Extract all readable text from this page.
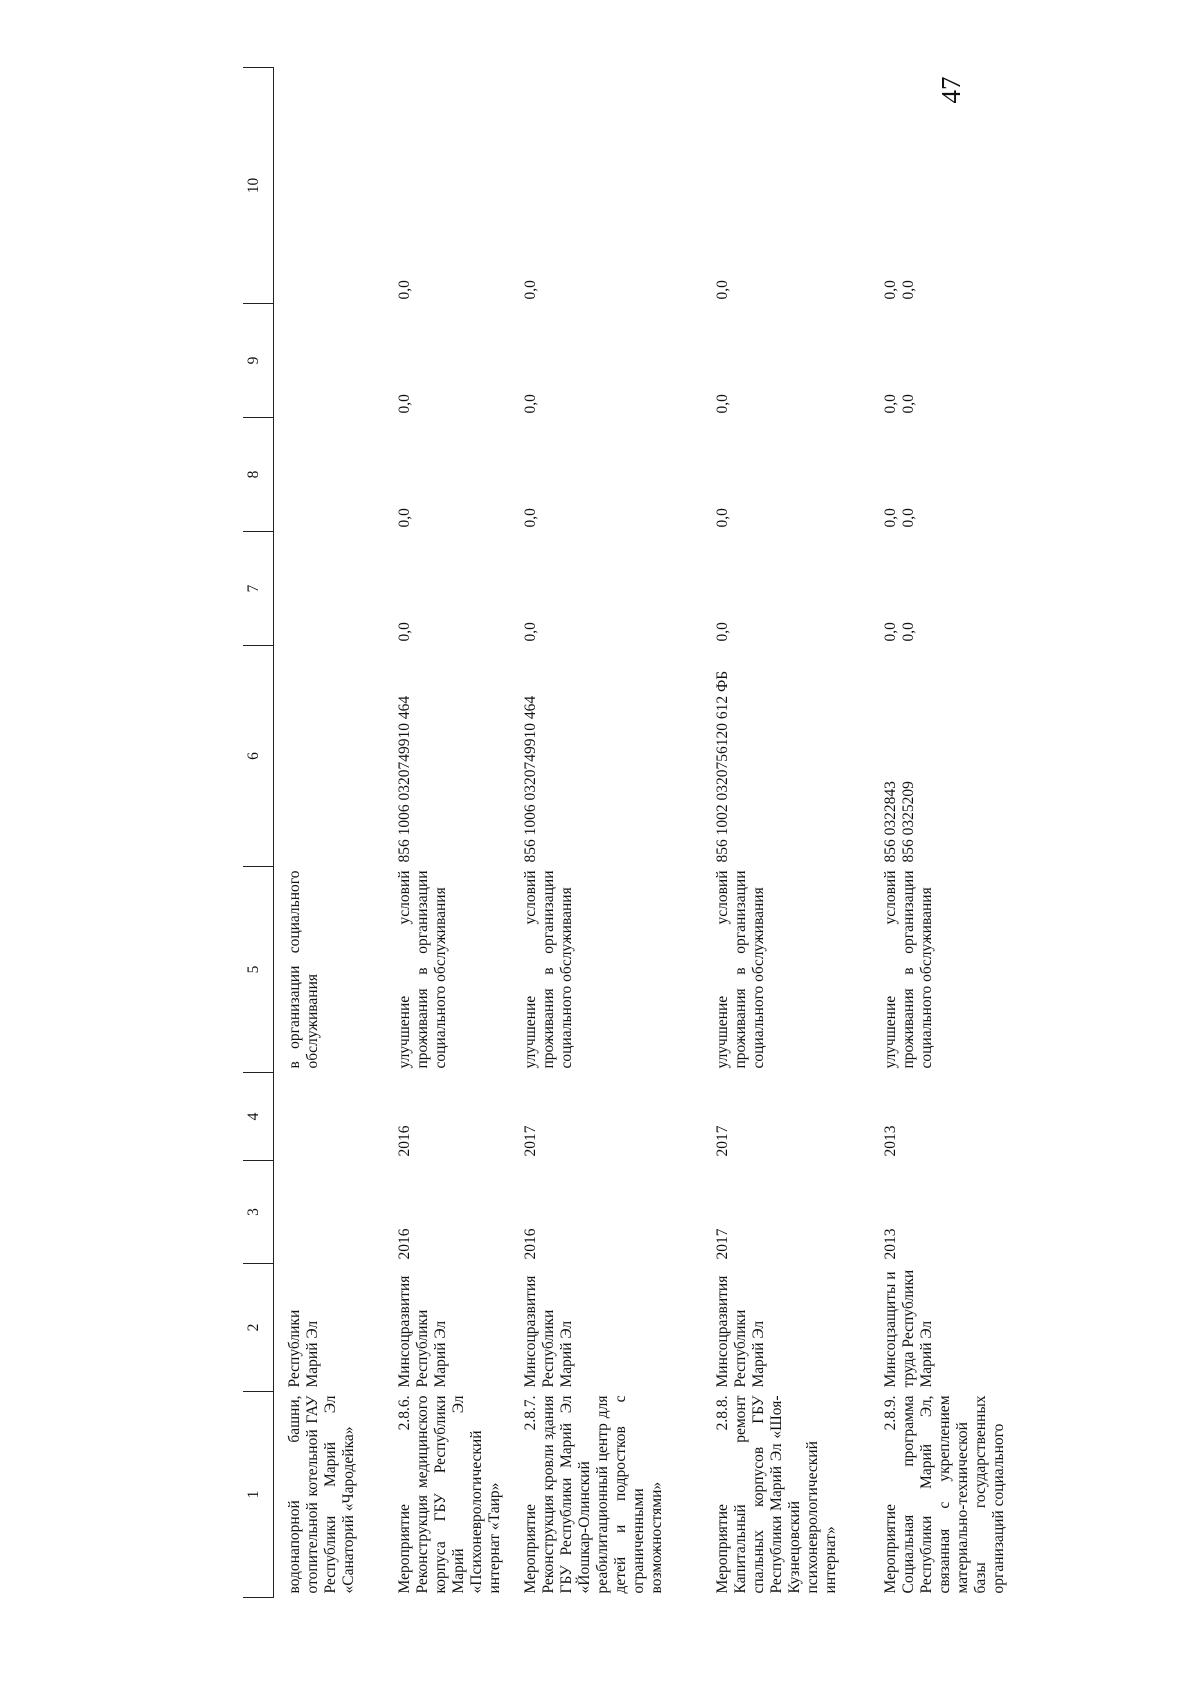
47
1	2	3	4	5	6	7	8	9	10

водонапорной башни, отопительной котельной ГАУ Республики Марий Эл «Санаторий «Чародейка»	Республики Марий Эл			в организации социального обслуживания					
Мероприятие 2.8.6. Реконструкция медицинского корпуса ГБУ Республики Марий Эл «Психоневрологический интернат «Таир»	Минсоцразвития Республики Марий Эл	2016	2016	улучшение условий проживания в организации социального обслуживания	856 1006 0320749910 464	0,0	0,0	0,0	0,0
Мероприятие 2.8.7. Реконструкция кровли здания ГБУ Республики Марий Эл «Йошкар-Олинский реабилитационный центр для детей и подростков с ограниченными возможностями»	Минсоцразвития Республики Марий Эл	2016	2017	улучшение условий проживания в организации социального обслуживания	856 1006 0320749910 464	0,0	0,0	0,0	0,0
Мероприятие 2.8.8. Капитальный ремонт спальных корпусов ГБУ Республики Марий Эл «Шоя-Кузнецовский психоневрологический интернат»	Минсоцразвития Республики Марий Эл	2017	2017	улучшение условий проживания в организации социального обслуживания	856 1002 0320756120 612 ФБ	0,0	0,0	0,0	0,0
Мероприятие 2.8.9. Социальная программа Республики Марий Эл, связанная с укреплением материально-технической базы государственных организаций социального	Минсоцзащиты и труда Республики Марий Эл	2013	2013	улучшение условий проживания в организации социального обслуживания	856 0322843 856 0325209	0,0 0,0	0,0 0,0	0,0 0,0	0,0 0,0
